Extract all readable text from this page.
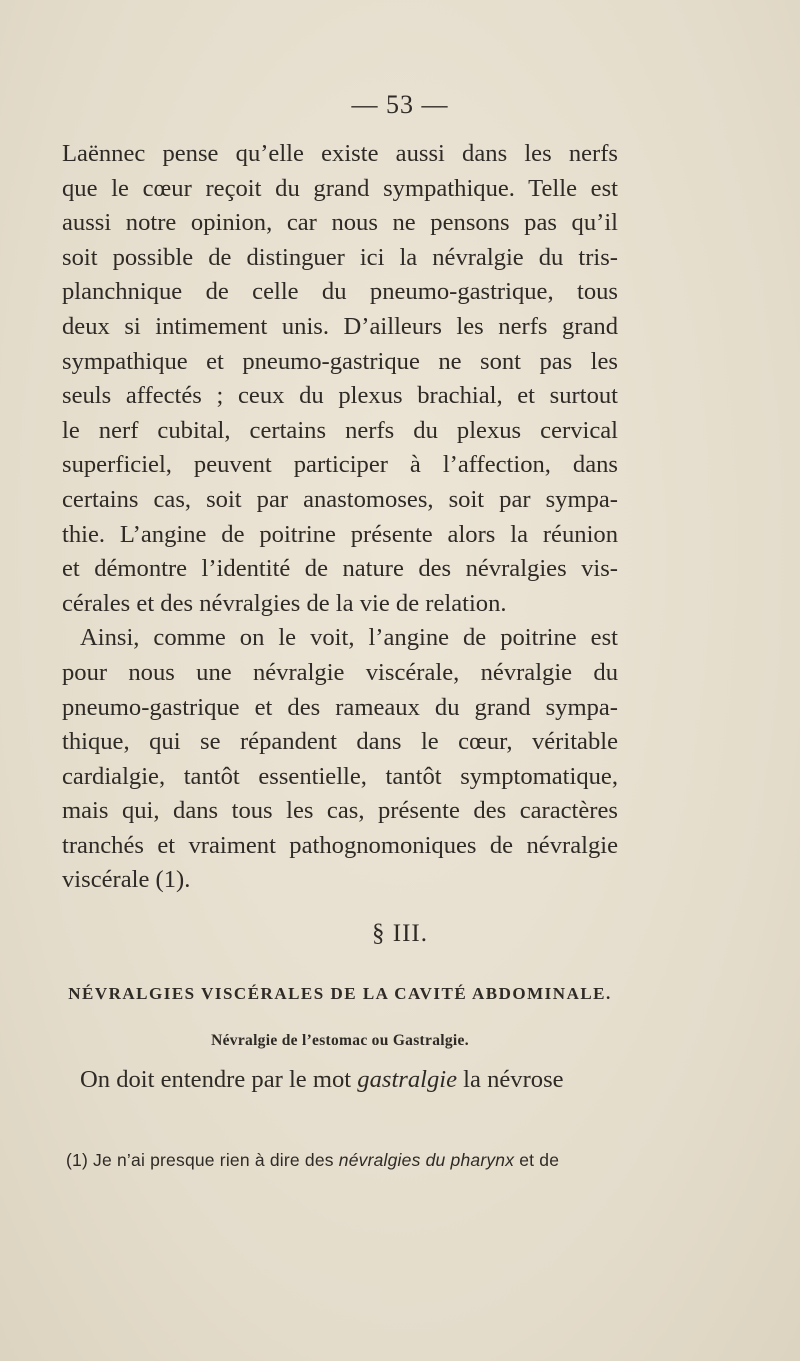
— 53 —
Laënnec pense qu’elle existe aussi dans les nerfs
que le cœur reçoit du grand sympathique. Telle est
aussi notre opinion, car nous ne pensons pas qu’il
soit possible de distinguer ici la névralgie du tris-
planchnique de celle du pneumo-gastrique, tous
deux si intimement unis. D’ailleurs les nerfs grand
sympathique et pneumo-gastrique ne sont pas les
seuls affectés ; ceux du plexus brachial, et surtout
le nerf cubital, certains nerfs du plexus cervical
superficiel, peuvent participer à l’affection, dans
certains cas, soit par anastomoses, soit par sympa-
thie. L’angine de poitrine présente alors la réunion
et démontre l’identité de nature des névralgies vis-
cérales et des névralgies de la vie de relation.
Ainsi, comme on le voit, l’angine de poitrine est
pour nous une névralgie viscérale, névralgie du
pneumo-gastrique et des rameaux du grand sympa-
thique, qui se répandent dans le cœur, véritable
cardialgie, tantôt essentielle, tantôt symptomatique,
mais qui, dans tous les cas, présente des caractères
tranchés et vraiment pathognomoniques de névralgie
viscérale (1).
§ III.
NÉVRALGIES VISCÉRALES DE LA CAVITÉ ABDOMINALE.
Névralgie de l’estomac ou Gastralgie.
On doit entendre par le mot gastralgie la névrose
(1) Je n’ai presque rien à dire des névralgies du pharynx et de
